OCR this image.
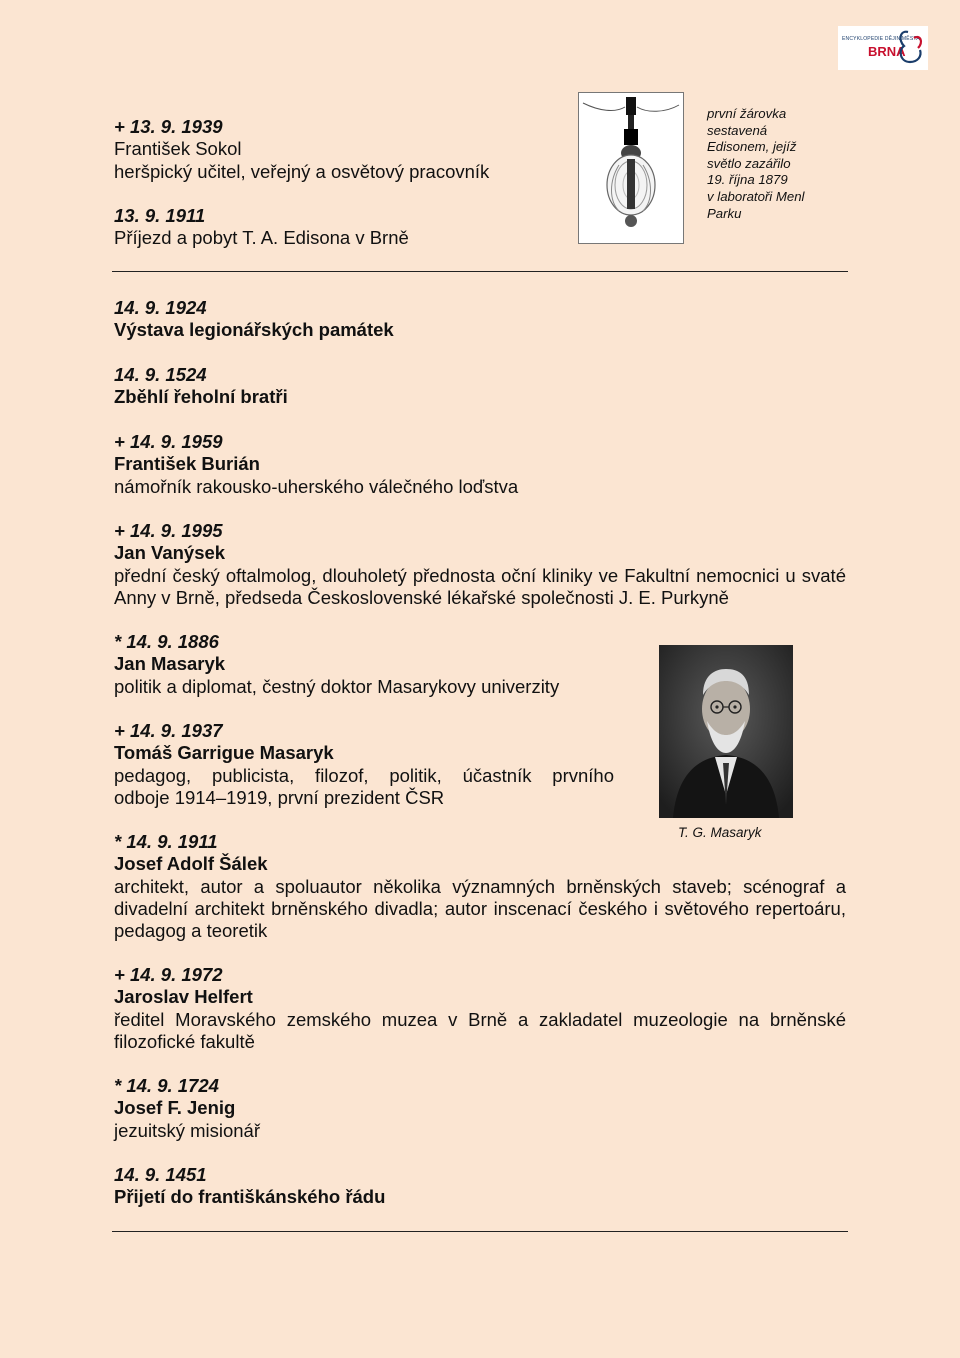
ENCYKLOPEDIE DĚJIN MĚSTA
BRNA
+ 13. 9. 1939
František Sokol
heršpický učitel, veřejný a osvětový pracovník
13. 9. 1911
Příjezd a pobyt T. A. Edisona v Brně
první žárovka
sestavená
Edisonem, jejíž
světlo zazářilo
19. října 1879
v laboratoři Menl
Parku
14. 9. 1924
Výstava legionářských památek
14. 9. 1524
Zběhlí řeholní bratři
+ 14. 9. 1959
František Burián
námořník rakousko-uherského válečného loďstva
+ 14. 9. 1995
Jan Vanýsek
přední český oftalmolog, dlouholetý přednosta oční kliniky ve Fakultní nemocnici u svaté Anny v Brně, předseda Československé lékařské společnosti J. E. Purkyně
* 14. 9. 1886
Jan Masaryk
politik a diplomat, čestný doktor Masarykovy univerzity
+ 14. 9. 1937
Tomáš Garrigue Masaryk
pedagog, publicista, filozof, politik, účastník prvního
odboje 1914–1919, první prezident ČSR
T. G. Masaryk
* 14. 9. 1911
Josef Adolf Šálek
architekt, autor a spoluautor několika významných brněnských staveb; scénograf a divadelní architekt brněnského divadla; autor inscenací českého i světového repertoáru, pedagog a teoretik
+ 14. 9. 1972
Jaroslav Helfert
ředitel Moravského zemského muzea v Brně a zakladatel muzeologie na brněnské filozofické fakultě
* 14. 9. 1724
Josef F. Jenig
jezuitský misionář
14. 9. 1451
Přijetí do františkánského řádu
